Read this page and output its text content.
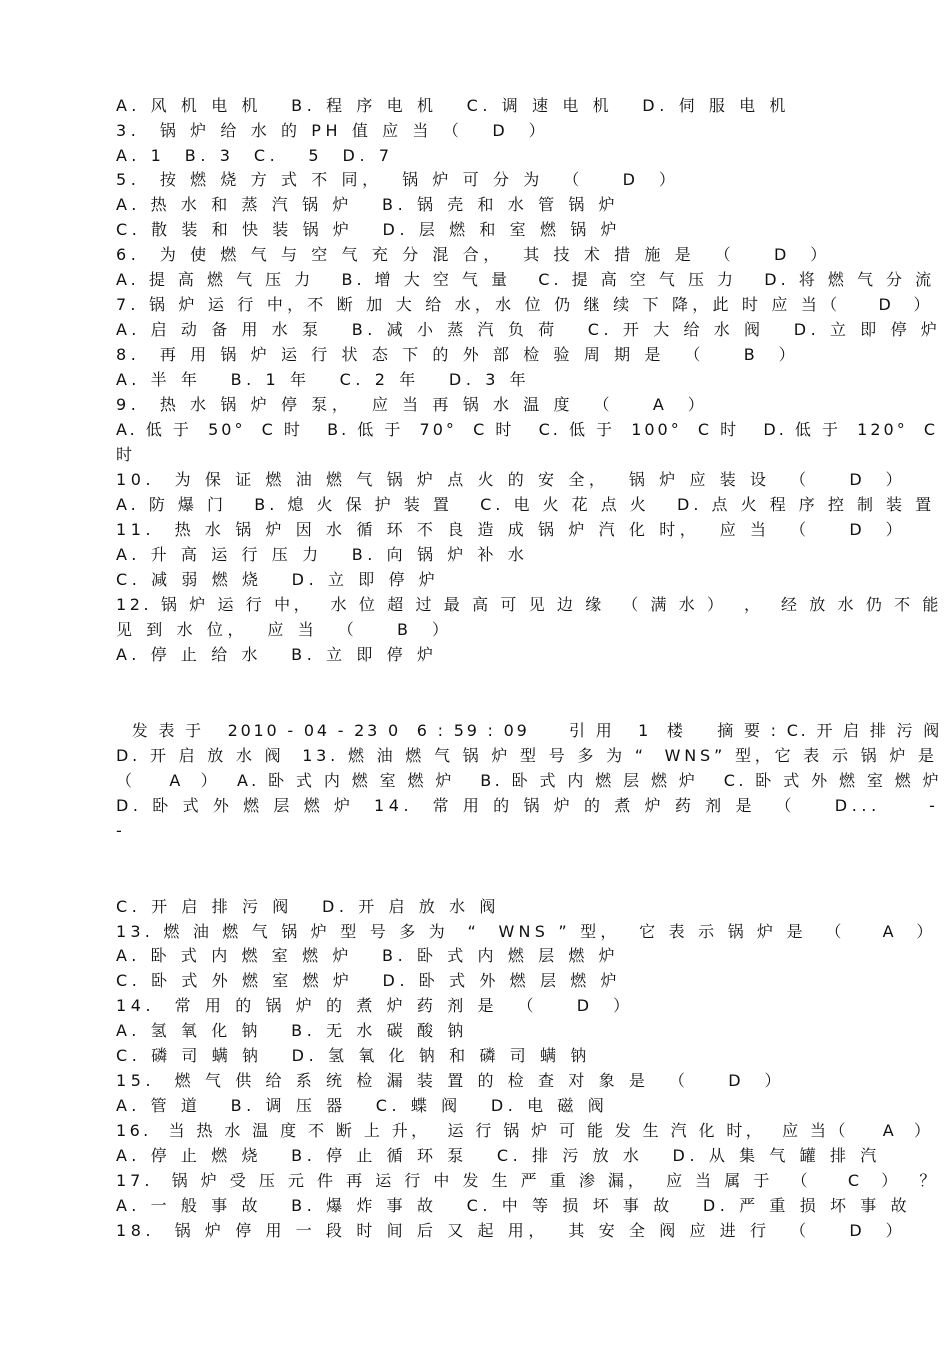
A. 风 机 电 机   B. 程 序 电 机   C. 调 速 电 机   D. 伺 服 电 机
3.  锅 炉 给 水 的 PH 值 应 当 （   D  ）
A. 1  B. 3  C.   5  D. 7
5.  按 燃 烧 方 式 不 同，  锅 炉 可 分 为  （    D  ）
A. 热 水 和 蒸 汽 锅 炉   B. 锅 壳 和 水 管 锅 炉
C. 散 装 和 快 装 锅 炉   D. 层 燃 和 室 燃 锅 炉
6.  为 使 燃 气 与 空 气 充 分 混 合，  其 技 术 措 施 是  （    D  ）
A. 提 高 燃 气 压 力   B. 增 大 空 气 量   C. 提 高 空 气 压 力   D. 将 燃 气 分 流
7. 锅 炉 运 行 中，不 断 加 大 给 水，水 位 仍 继 续 下 降，此 时 应 当（    D  ）
A. 启 动 备 用 水 泵   B. 减 小 蒸 汽 负 荷   C. 开 大 给 水 阀   D. 立 即 停 炉
8.  再 用 锅 炉 运 行 状 态 下 的 外 部 检 验 周 期 是  （    B  ）
A. 半 年   B. 1 年   C. 2 年   D. 3 年
9.  热 水 锅 炉 停 泵，  应 当 再 锅 水 温 度  （    A  ）
A. 低 于  50°  C 时   B. 低 于  70°  C 时   C. 低 于  100°  C 时   D. 低 于  120°  C
时
10.  为 保 证 燃 油 燃 气 锅 炉 点 火 的 安 全，  锅 炉 应 装 设  （    D  ）
A. 防 爆 门   B. 熄 火 保 护 装 置   C. 电 火 花 点 火   D. 点 火 程 序 控 制 装 置
11.  热 水 锅 炉 因 水 循 环 不 良 造 成 锅 炉 汽 化 时，  应 当  （    D  ）
A. 升 高 运 行 压 力   B. 向 锅 炉 补 水
C. 减 弱 燃 烧   D. 立 即 停 炉
12. 锅 炉 运 行 中，  水 位 超 过 最 高 可 见 边 缘  （ 满 水 ）  ，  经 放 水 仍 不 能
见 到 水 位，  应 当  （    B  ）
A. 停 止 给 水   B. 立 即 停 炉
发 表 于   2010 - 04 - 23 0  6 : 59 : 09     引 用   1  楼    摘 要 : C. 开 启 排 污 阀
D. 开 启 放 水 阀  13. 燃 油 燃 气 锅 炉 型 号 多 为 “  WNS” 型，它 表 示 锅 炉 是
（    A  ）  A. 卧 式 内 燃 室 燃 炉   B. 卧 式 内 燃 层 燃 炉   C. 卧 式 外 燃 室 燃 炉
D. 卧 式 外 燃 层 燃 炉  14.  常 用 的 锅 炉 的 煮 炉 药 剂 是  （    D...     -
-
C. 开 启 排 污 阀   D. 开 启 放 水 阀
13. 燃 油 燃 气 锅 炉 型 号 多 为  “  WNS ” 型，  它 表 示 锅 炉 是  （    A  ）
A. 卧 式 内 燃 室 燃 炉   B. 卧 式 内 燃 层 燃 炉
C. 卧 式 外 燃 室 燃 炉   D. 卧 式 外 燃 层 燃 炉
14.  常 用 的 锅 炉 的 煮 炉 药 剂 是  （    D  ）
A. 氢 氧 化 钠   B. 无 水 碳 酸 钠
C. 磷 司 螨 钠   D. 氢 氧 化 钠 和 磷 司 螨 钠
15.  燃 气 供 给 系 统 检 漏 装 置 的 检 查 对 象 是  （    D  ）
A. 管 道   B. 调 压 器   C. 蝶 阀   D. 电 磁 阀
16.  当 热 水 温 度 不 断 上 升，  运 行 锅 炉 可 能 发 生 汽 化 时，  应 当（    A  ）
A. 停 止 燃 烧   B. 停 止 循 环 泵   C. 排 污 放 水   D. 从 集 气 罐 排 汽
17.  锅 炉 受 压 元 件 再 运 行 中 发 生 严 重 渗 漏，  应 当 属 于  （    C  ）  ？
A. 一 般 事 故   B. 爆 炸 事 故   C. 中 等 损 坏 事 故   D. 严 重 损 坏 事 故
18.  锅 炉 停 用 一 段 时 间 后 又 起 用，  其 安 全 阀 应 进 行  （    D  ）
